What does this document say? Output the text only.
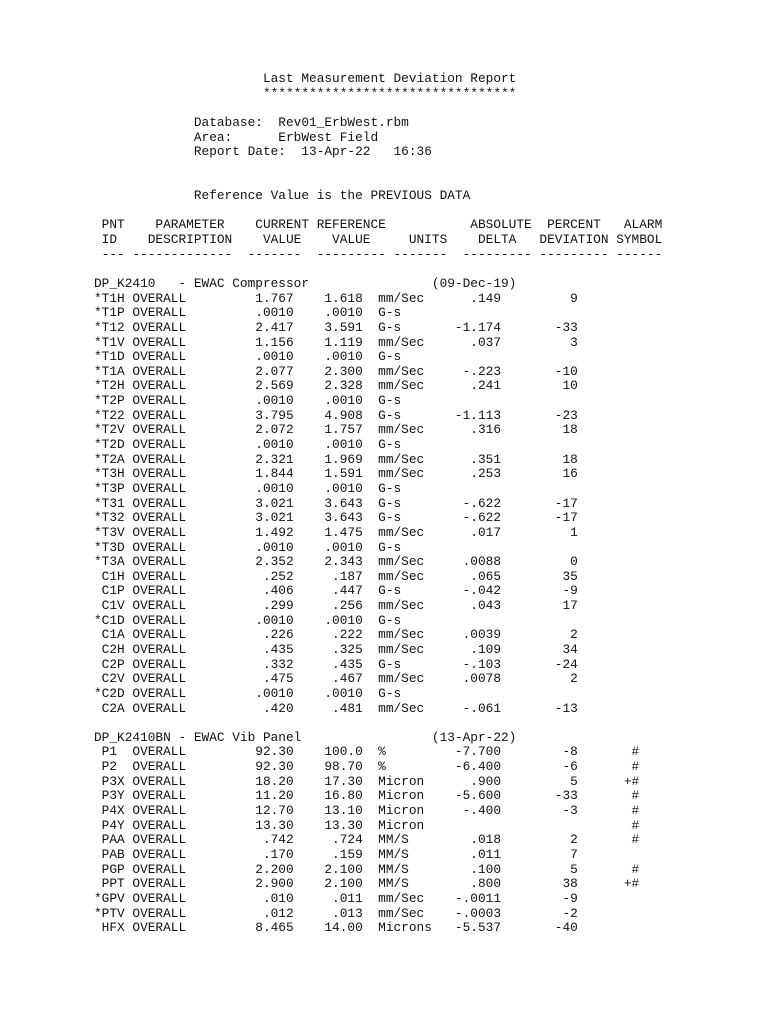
Last Measurement Deviation Report
*********************************

Database:  Rev01_ErbWest.rbm
Area:      ErbWest Field
Report Date:  13-Apr-22   16:36

Reference Value is the PREVIOUS DATA

PNT    PARAMETER    CURRENT REFERENCE           ABSOLUTE  PERCENT   ALARM
ID    DESCRIPTION    VALUE    VALUE     UNITS    DELTA   DEVIATION SYMBOL
--- -------------  -------  --------- -------  --------- --------- ------

DP_K2410   - EWAC Compressor                (09-Dec-19)
*T1H OVERALL         1.767    1.618  mm/Sec      .149         9
*T1P OVERALL         .0010    .0010  G-s
*T12 OVERALL         2.417    3.591  G-s       -1.174       -33
*T1V OVERALL         1.156    1.119  mm/Sec      .037         3
*T1D OVERALL         .0010    .0010  G-s
*T1A OVERALL         2.077    2.300  mm/Sec     -.223       -10
*T2H OVERALL         2.569    2.328  mm/Sec      .241        10
*T2P OVERALL         .0010    .0010  G-s
*T22 OVERALL         3.795    4.908  G-s       -1.113       -23
*T2V OVERALL         2.072    1.757  mm/Sec      .316        18
*T2D OVERALL         .0010    .0010  G-s
*T2A OVERALL         2.321    1.969  mm/Sec      .351        18
*T3H OVERALL         1.844    1.591  mm/Sec      .253        16
*T3P OVERALL         .0010    .0010  G-s
*T31 OVERALL         3.021    3.643  G-s        -.622       -17
*T32 OVERALL         3.021    3.643  G-s        -.622       -17
*T3V OVERALL         1.492    1.475  mm/Sec      .017         1
*T3D OVERALL         .0010    .0010  G-s
*T3A OVERALL         2.352    2.343  mm/Sec     .0088         0
C1H OVERALL          .252     .187  mm/Sec      .065        35
C1P OVERALL          .406     .447  G-s        -.042        -9
C1V OVERALL          .299     .256  mm/Sec      .043        17
*C1D OVERALL         .0010    .0010  G-s
C1A OVERALL          .226     .222  mm/Sec     .0039         2
C2H OVERALL          .435     .325  mm/Sec      .109        34
C2P OVERALL          .332     .435  G-s        -.103       -24
C2V OVERALL          .475     .467  mm/Sec     .0078         2
*C2D OVERALL         .0010    .0010  G-s
C2A OVERALL          .420     .481  mm/Sec     -.061       -13

DP_K2410BN - EWAC Vib Panel                 (13-Apr-22)
P1  OVERALL         92.30    100.0  %         -7.700        -8       #
P2  OVERALL         92.30    98.70  %         -6.400        -6       #
P3X OVERALL         18.20    17.30  Micron      .900         5      +#
P3Y OVERALL         11.20    16.80  Micron    -5.600       -33       #
P4X OVERALL         12.70    13.10  Micron     -.400        -3       #
P4Y OVERALL         13.30    13.30  Micron                           #
PAA OVERALL          .742     .724  MM/S        .018         2       #
PAB OVERALL          .170     .159  MM/S        .011         7
PGP OVERALL         2.200    2.100  MM/S        .100         5       #
PPT OVERALL         2.900    2.100  MM/S        .800        38      +#
*GPV OVERALL          .010     .011  mm/Sec    -.0011        -9
*PTV OVERALL          .012     .013  mm/Sec    -.0003        -2
HFX OVERALL         8.465    14.00  Microns   -5.537       -40
